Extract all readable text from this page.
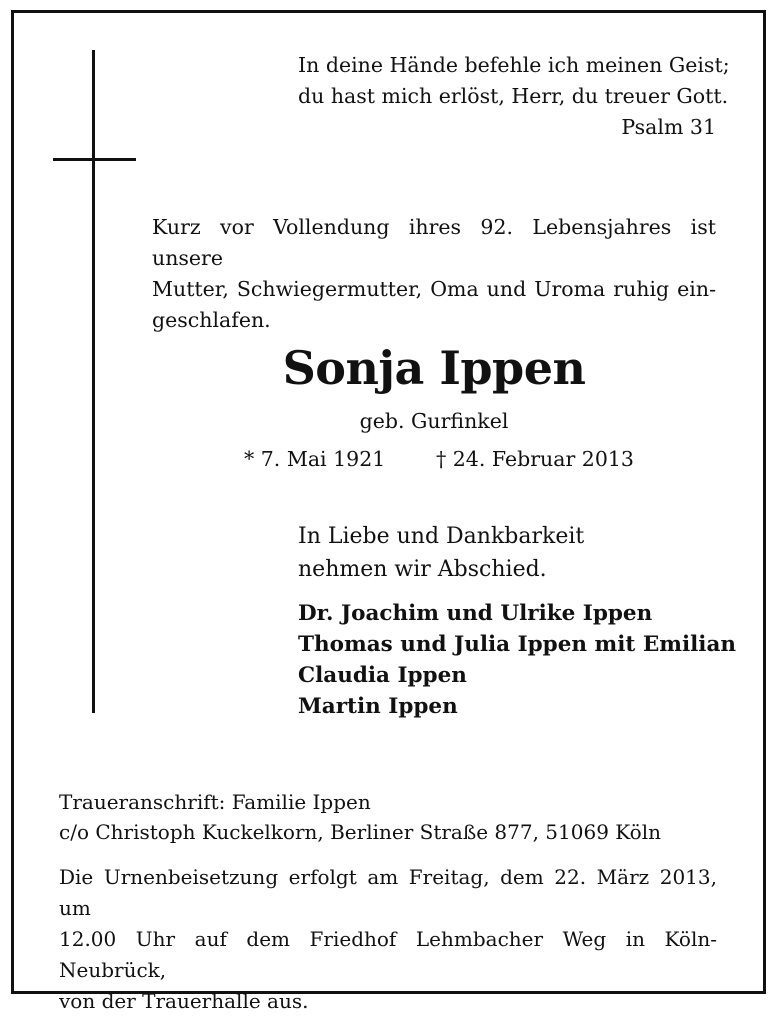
In deine Hände befehle ich meinen Geist;
du hast mich erlöst, Herr, du treuer Gott.
Psalm 31
Kurz vor Vollendung ihres 92. Lebensjahres ist unsere
Mutter, Schwiegermutter, Oma und Uroma ruhig ein-
geschlafen.
Sonja Ippen
geb. Gurfinkel
* 7. Mai 1921 † 24. Februar 2013
In Liebe und Dankbarkeit
nehmen wir Abschied.
Dr. Joachim und Ulrike Ippen
Thomas und Julia Ippen mit Emilian
Claudia Ippen
Martin Ippen
Traueranschrift: Familie Ippen
c/o Christoph Kuckelkorn, Berliner Straße 877, 51069 Köln
Die Urnenbeisetzung erfolgt am Freitag, dem 22. März 2013, um
12.00 Uhr auf dem Friedhof Lehmbacher Weg in Köln-Neubrück,
von der Trauerhalle aus.
